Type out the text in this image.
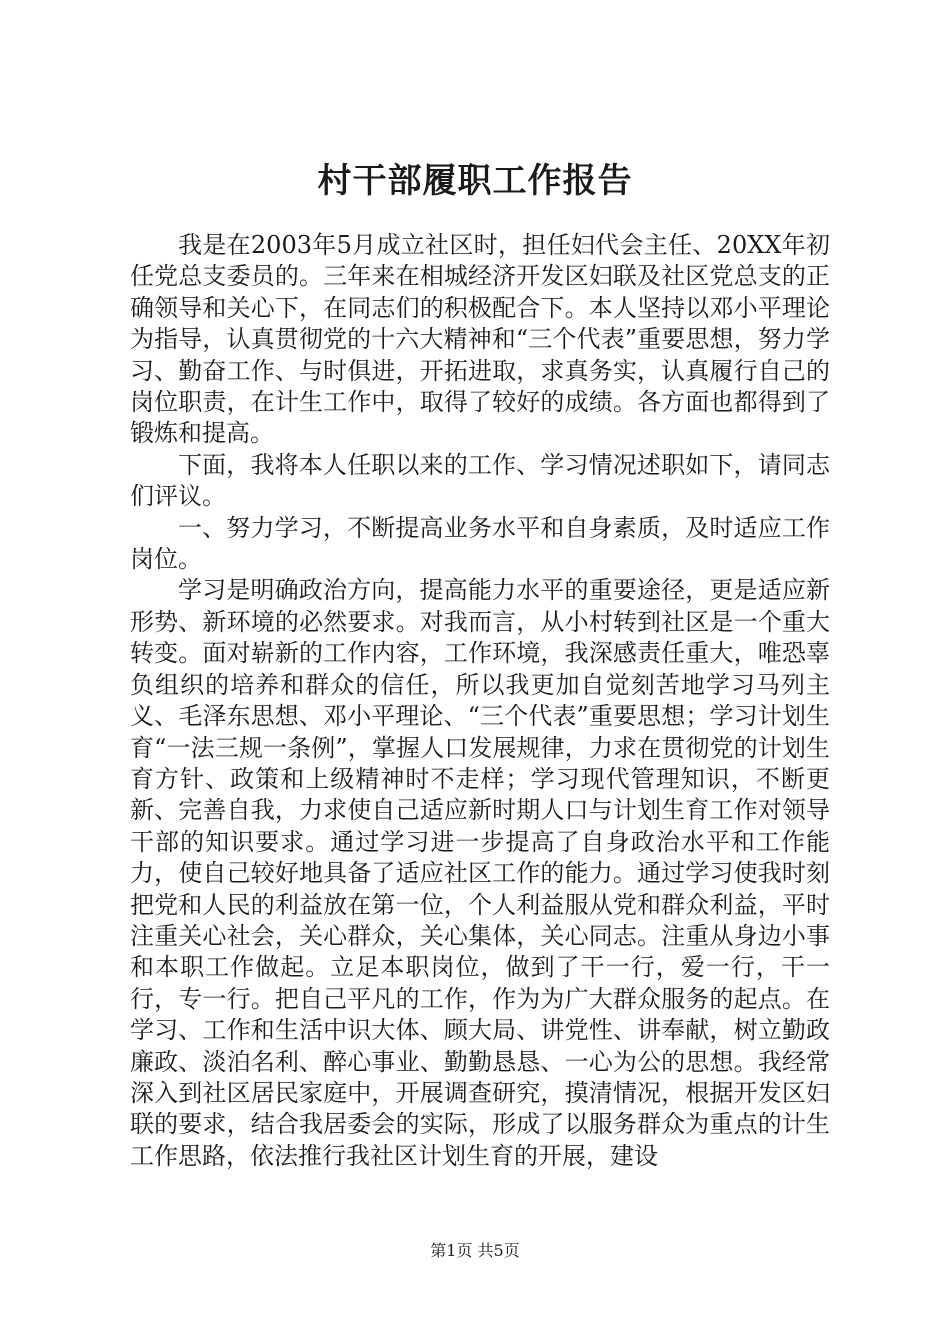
村干部履职工作报告

我是在2003年5月成立社区时，担任妇代会主任、20XX年初任党总支委员的。三年来在相城经济开发区妇联及社区党总支的正确领导和关心下，在同志们的积极配合下。本人坚持以邓小平理论为指导，认真贯彻党的十六大精神和“三个代表”重要思想，努力学习、勤奋工作、与时俱进，开拓进取，求真务实，认真履行自己的岗位职责，在计生工作中，取得了较好的成绩。各方面也都得到了锻炼和提高。

下面，我将本人任职以来的工作、学习情况述职如下，请同志们评议。

一、努力学习，不断提高业务水平和自身素质，及时适应工作岗位。

学习是明确政治方向，提高能力水平的重要途径，更是适应新形势、新环境的必然要求。对我而言，从小村转到社区是一个重大转变。面对崭新的工作内容，工作环境，我深感责任重大，唯恐辜负组织的培养和群众的信任，所以我更加自觉刻苦地学习马列主义、毛泽东思想、邓小平理论、“三个代表”重要思想；学习计划生育“一法三规一条例”，掌握人口发展规律，力求在贯彻党的计划生育方针、政策和上级精神时不走样；学习现代管理知识，不断更新、完善自我，力求使自己适应新时期人口与计划生育工作对领导干部的知识要求。通过学习进一步提高了自身政治水平和工作能力，使自己较好地具备了适应社区工作的能力。通过学习使我时刻把党和人民的利益放在第一位，个人利益服从党和群众利益，平时注重关心社会，关心群众，关心集体，关心同志。注重从身边小事和本职工作做起。立足本职岗位，做到了干一行，爱一行，干一行，专一行。把自己平凡的工作，作为为广大群众服务的起点。在学习、工作和生活中识大体、顾大局、讲党性、讲奉献，树立勤政廉政、淡泊名利、醉心事业、勤勤恳恳、一心为公的思想。我经常深入到社区居民家庭中，开展调查研究，摸清情况，根据开发区妇联的要求，结合我居委会的实际，形成了以服务群众为重点的计生工作思路，依法推行我社区计划生育的开展，建设

第1页 共5页
